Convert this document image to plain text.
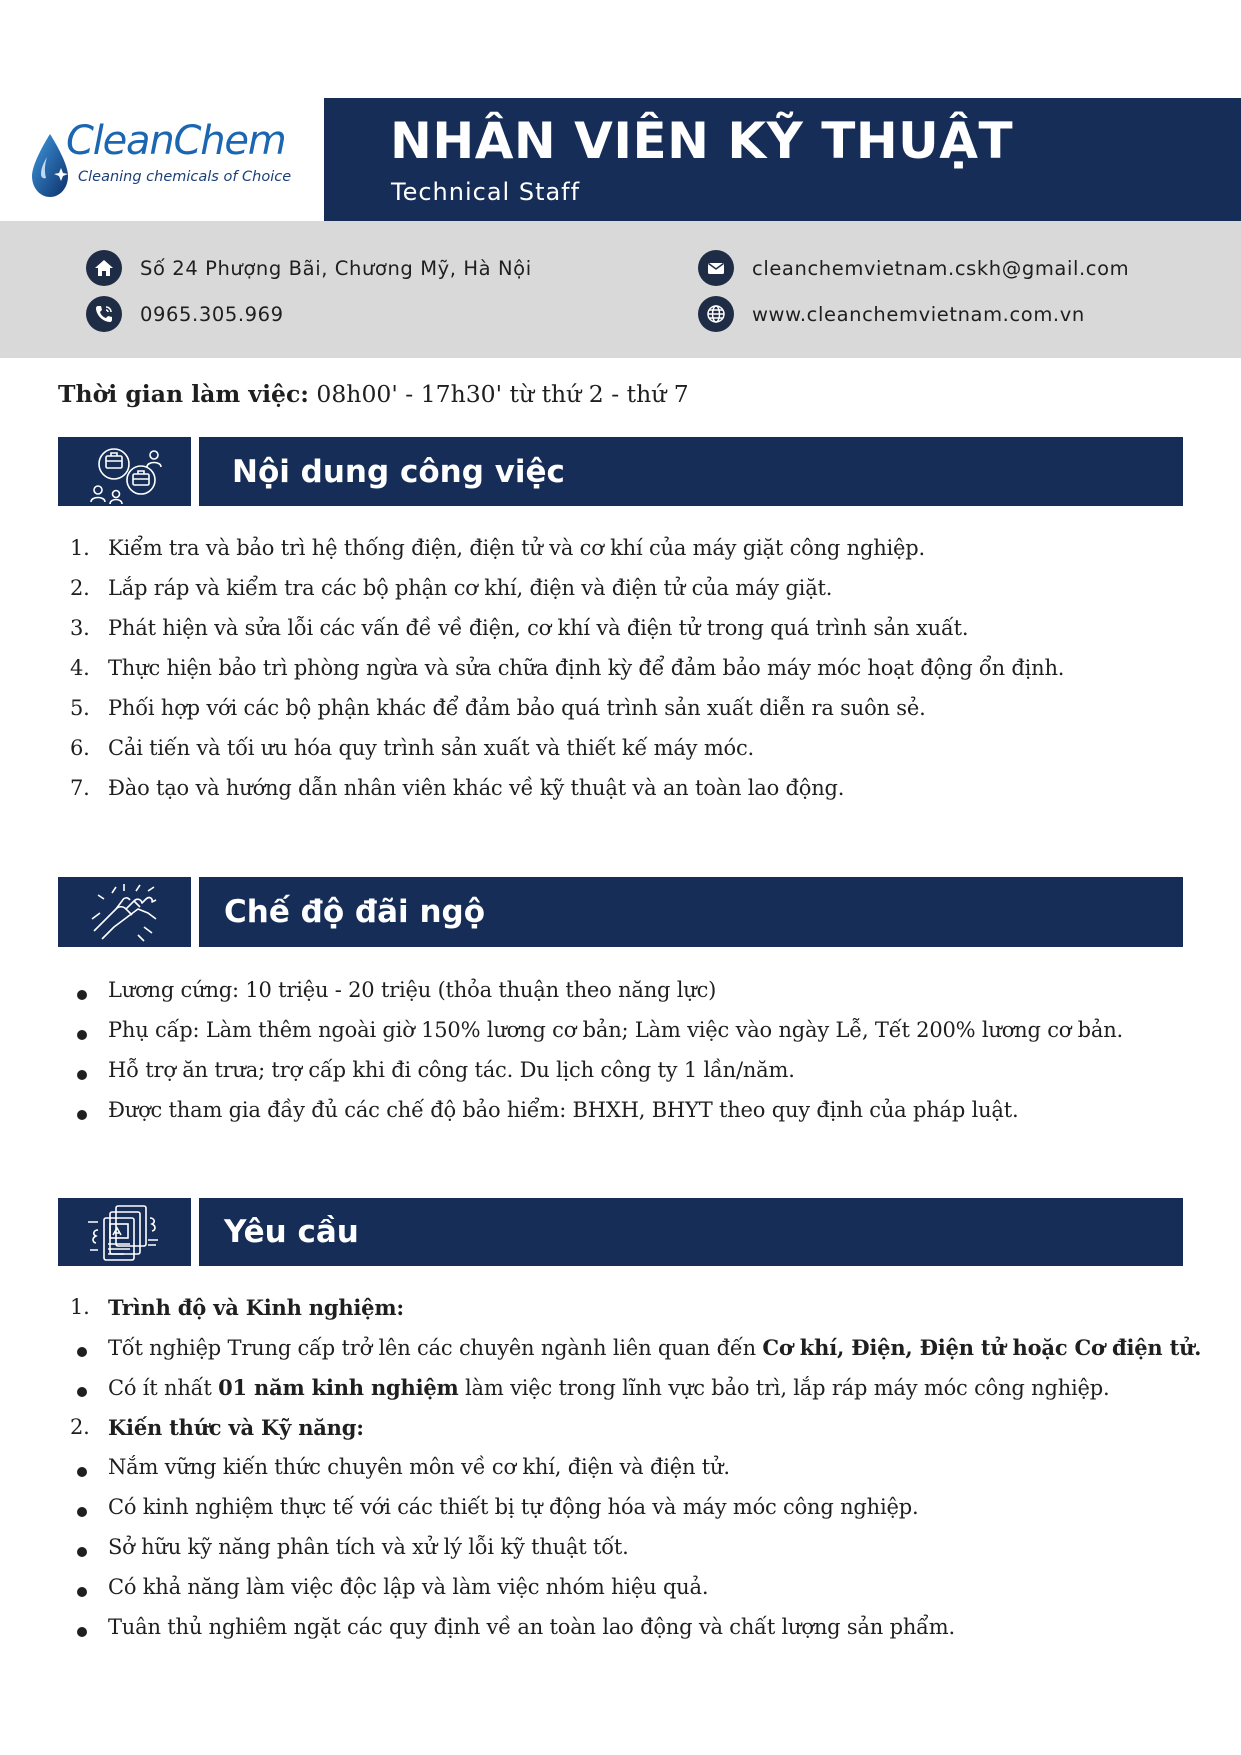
CleanChem
Cleaning chemicals of Choice
NHÂN VIÊN KỸ THUẬT
Technical Staff
Số 24 Phượng Bãi, Chương Mỹ, Hà Nội
0965.305.969
cleanchemvietnam.cskh@gmail.com
www.cleanchemvietnam.com.vn
Thời gian làm việc: 08h00' - 17h30' từ thứ 2 - thứ 7
Nội dung công việc
1. Kiểm tra và bảo trì hệ thống điện, điện tử và cơ khí của máy giặt công nghiệp.
2. Lắp ráp và kiểm tra các bộ phận cơ khí, điện và điện tử của máy giặt.
3. Phát hiện và sửa lỗi các vấn đề về điện, cơ khí và điện tử trong quá trình sản xuất.
4. Thực hiện bảo trì phòng ngừa và sửa chữa định kỳ để đảm bảo máy móc hoạt động ổn định.
5. Phối hợp với các bộ phận khác để đảm bảo quá trình sản xuất diễn ra suôn sẻ.
6. Cải tiến và tối ưu hóa quy trình sản xuất và thiết kế máy móc.
7. Đào tạo và hướng dẫn nhân viên khác về kỹ thuật và an toàn lao động.
Chế độ đãi ngộ
Lương cứng: 10 triệu - 20 triệu (thỏa thuận theo năng lực)
Phụ cấp: Làm thêm ngoài giờ 150% lương cơ bản; Làm việc vào ngày Lễ, Tết 200% lương cơ bản.
Hỗ trợ ăn trưa; trợ cấp khi đi công tác. Du lịch công ty 1 lần/năm.
Được tham gia đầy đủ các chế độ bảo hiểm: BHXH, BHYT theo quy định của pháp luật.
Yêu cầu
1. Trình độ và Kinh nghiệm:
Tốt nghiệp Trung cấp trở lên các chuyên ngành liên quan đến Cơ khí, Điện, Điện tử hoặc Cơ điện tử.
Có ít nhất 01 năm kinh nghiệm làm việc trong lĩnh vực bảo trì, lắp ráp máy móc công nghiệp.
2. Kiến thức và Kỹ năng:
Nắm vững kiến thức chuyên môn về cơ khí, điện và điện tử.
Có kinh nghiệm thực tế với các thiết bị tự động hóa và máy móc công nghiệp.
Sở hữu kỹ năng phân tích và xử lý lỗi kỹ thuật tốt.
Có khả năng làm việc độc lập và làm việc nhóm hiệu quả.
Tuân thủ nghiêm ngặt các quy định về an toàn lao động và chất lượng sản phẩm.
